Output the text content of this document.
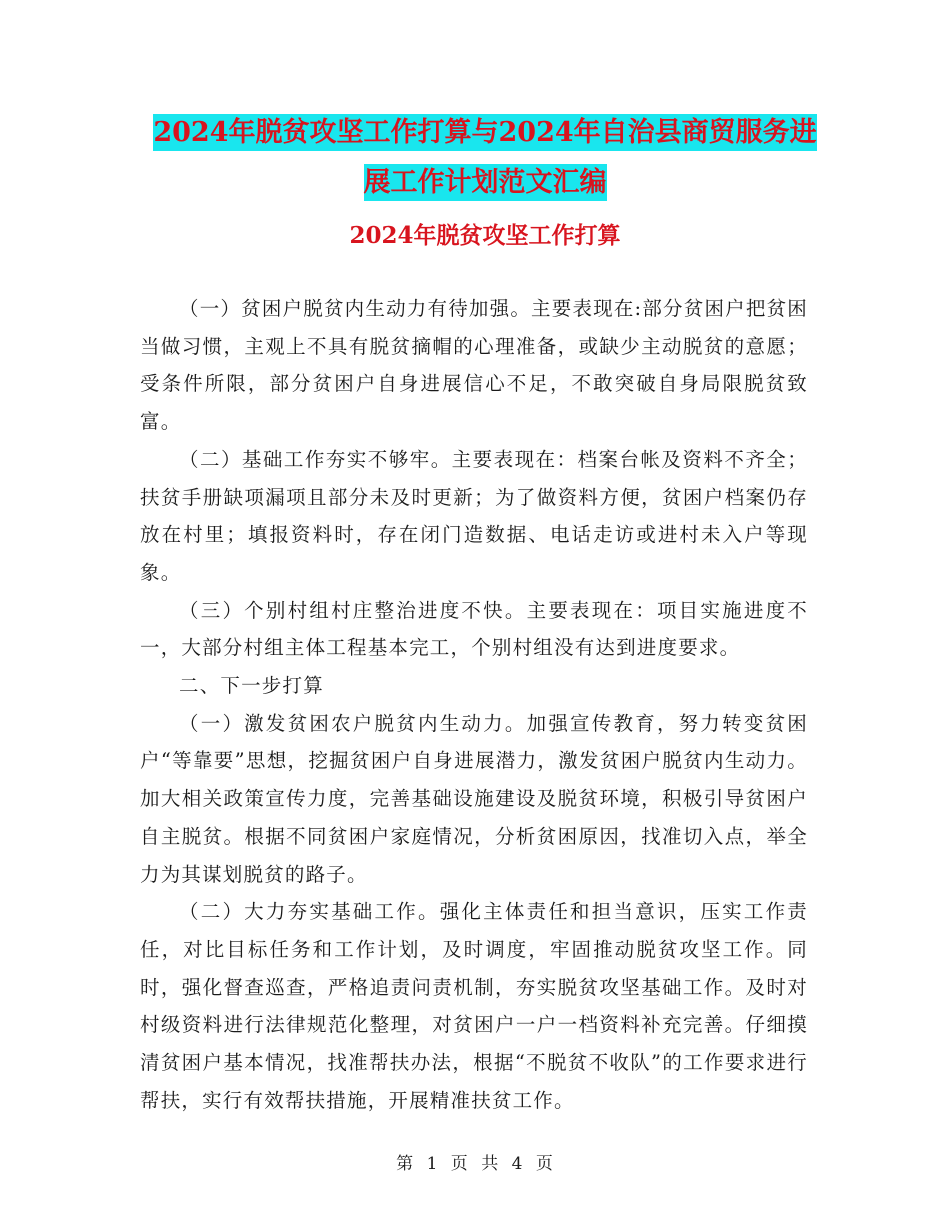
2024年脱贫攻坚工作打算与2024年自治县商贸服务进
展工作计划范文汇编
2024年脱贫攻坚工作打算

（一）贫困户脱贫内生动力有待加强。主要表现在:部分贫困户把贫困当做习惯，主观上不具有脱贫摘帽的心理准备，或缺少主动脱贫的意愿；受条件所限，部分贫困户自身进展信心不足，不敢突破自身局限脱贫致富。

（二）基础工作夯实不够牢。主要表现在：档案台帐及资料不齐全；扶贫手册缺项漏项且部分未及时更新；为了做资料方便，贫困户档案仍存放在村里；填报资料时，存在闭门造数据、电话走访或进村未入户等现象。

（三）个别村组村庄整治进度不快。主要表现在：项目实施进度不一，大部分村组主体工程基本完工，个别村组没有达到进度要求。

二、下一步打算

（一）激发贫困农户脱贫内生动力。加强宣传教育，努力转变贫困户“等靠要”思想，挖掘贫困户自身进展潜力，激发贫困户脱贫内生动力。加大相关政策宣传力度，完善基础设施建设及脱贫环境，积极引导贫困户自主脱贫。根据不同贫困户家庭情况，分析贫困原因，找准切入点，举全力为其谋划脱贫的路子。

（二）大力夯实基础工作。强化主体责任和担当意识，压实工作责任，对比目标任务和工作计划，及时调度，牢固推动脱贫攻坚工作。同时，强化督查巡查，严格追责问责机制，夯实脱贫攻坚基础工作。及时对村级资料进行法律规范化整理，对贫困户一户一档资料补充完善。仔细摸清贫困户基本情况，找准帮扶办法，根据“不脱贫不收队”的工作要求进行帮扶，实行有效帮扶措施，开展精准扶贫工作。

第 1 页 共 4 页
